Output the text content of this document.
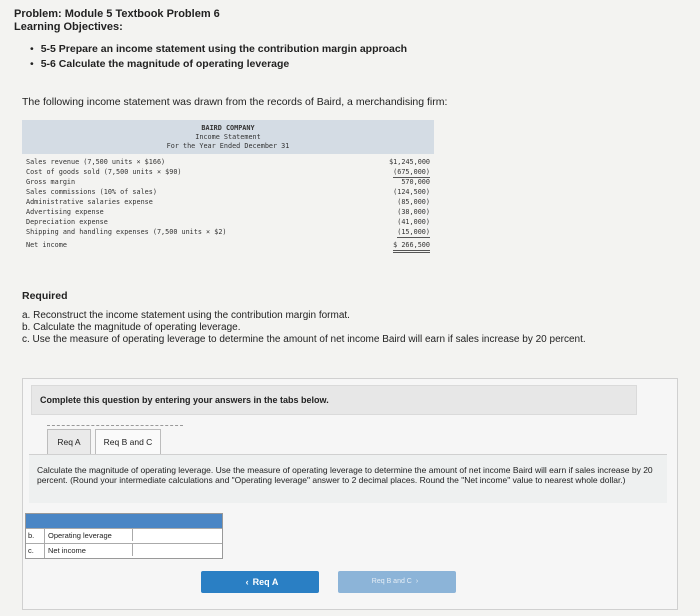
Problem: Module 5 Textbook Problem 6
Learning Objectives:
• 5-5 Prepare an income statement using the contribution margin approach
• 5-6 Calculate the magnitude of operating leverage
The following income statement was drawn from the records of Baird, a merchandising firm:
BAIRD COMPANY
Income Statement
For the Year Ended December 31
Sales revenue (7,500 units × $166)	$1,245,000
Cost of goods sold (7,500 units × $90)	(675,000)
Gross margin	570,000
Sales commissions (10% of sales)	(124,500)
Administrative salaries expense	(85,000)
Advertising expense	(38,000)
Depreciation expense	(41,000)
Shipping and handling expenses (7,500 units × $2)	(15,000)
Net income	$ 266,500
Required
a. Reconstruct the income statement using the contribution margin format.
b. Calculate the magnitude of operating leverage.
c. Use the measure of operating leverage to determine the amount of net income Baird will earn if sales increase by 20 percent.
Complete this question by entering your answers in the tabs below.
Req A	Req B and C
Calculate the magnitude of operating leverage. Use the measure of operating leverage to determine the amount of net income Baird will earn if sales increase by 20 percent. (Round your intermediate calculations and "Operating leverage" answer to 2 decimal places. Round the "Net income" value to nearest whole dollar.)
b.	Operating leverage
c.	Net income
‹ Req A	Req B and C ›
